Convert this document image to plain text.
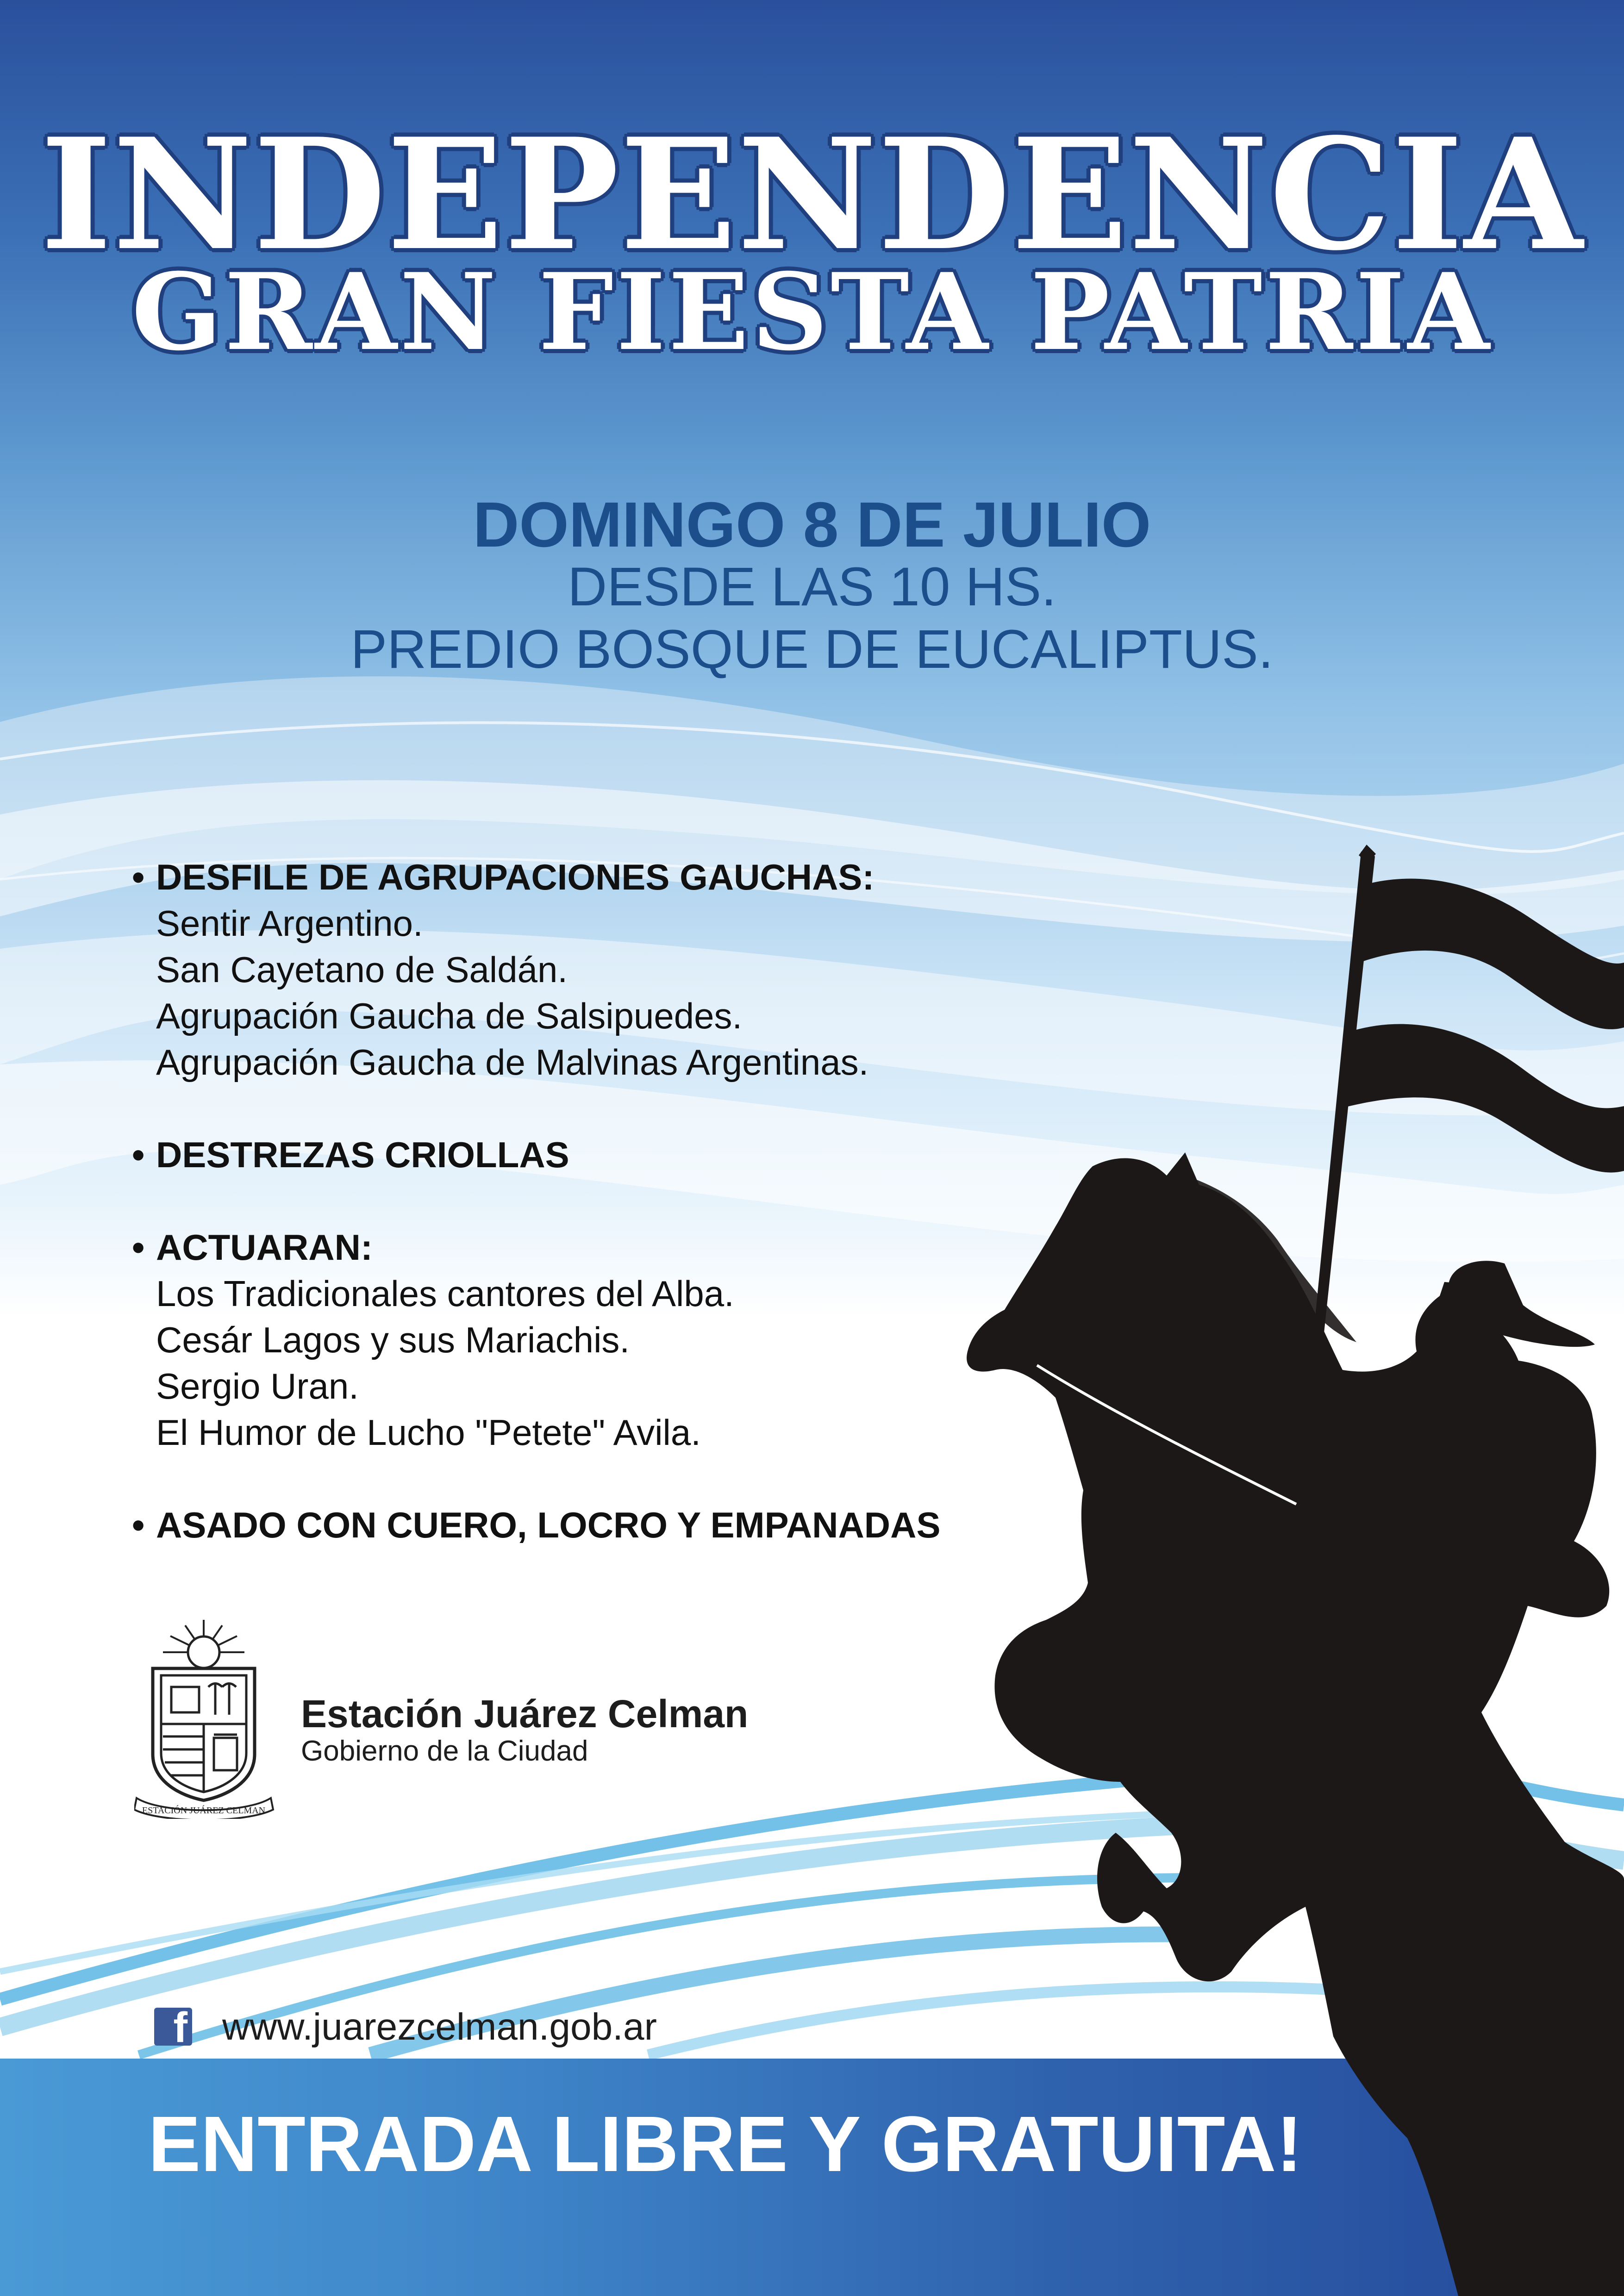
INDEPENDENCIA
GRAN FIESTA PATRIA
DOMINGO 8 DE JULIO
DESDE LAS 10 HS.
PREDIO BOSQUE DE EUCALIPTUS.
• DESFILE DE AGRUPACIONES GAUCHAS:
Sentir Argentino.
San Cayetano de Saldán.
Agrupación Gaucha de Salsipuedes.
Agrupación Gaucha de Malvinas Argentinas.
• DESTREZAS CRIOLLAS
• ACTUARAN:
Los Tradicionales cantores del Alba.
Cesár Lagos y sus Mariachis.
Sergio Uran.
El Humor de Lucho "Petete" Avila.
• ASADO CON CUERO, LOCRO Y EMPANADAS
ESTACIÓN JUÁREZ CELMAN
Estación Juárez Celman
Gobierno de la Ciudad
f www.juarezcelman.gob.ar
ENTRADA LIBRE Y GRATUITA!
